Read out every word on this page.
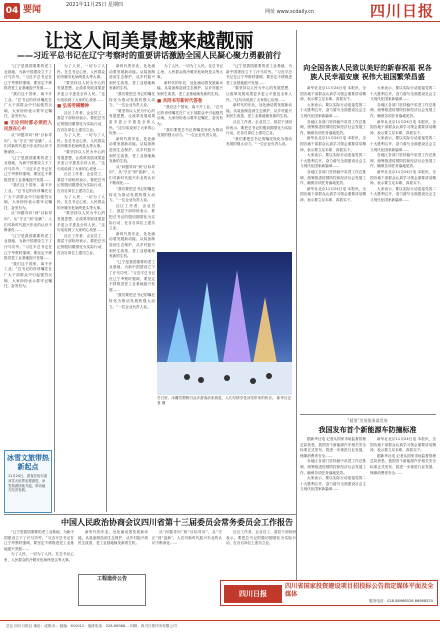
04 要闻	2021年11月25日 星期四
网址 www.scdaily.cn	四川日报
让这人间美景越来越靓丽
——习近平总书记在辽宁考察时的重要讲话激励全国人民凝心聚力勇毅前行

“辽宁是我国重要的老工业基地，为新中国建设立下了汗马功劳。”习近平总书记在辽宁考察时强调，要坚定不移推进老工业基地振兴发展……

“我们这个国家，离不开工业。”总书记的谆谆嘱托在广大干部群众中引起强烈反响，大家纷纷表示要牢记嘱托、奋发有为。

■ 无论何时都必须把人民放在心中

从“问题导向”到“目标导向”，从“守正”到“创新”，人们对新时代振兴东北的认识不断深化……

“辽宁是我国重要的老工业基地，为新中国建设立下了汗马功劳。”习近平总书记在辽宁考察时强调，要坚定不移推进老工业基地振兴发展……

“我们这个国家，离不开工业。”总书记的谆谆嘱托在广大干部群众中引起强烈反响，大家纷纷表示要牢记嘱托、奋发有为。

从“问题导向”到“目标导向”，从“守正”到“创新”，人们对新时代振兴东北的认识不断深化……

“辽宁是我国重要的老工业基地，为新中国建设立下了汗马功劳。”习近平总书记在辽宁考察时强调，要坚定不移推进老工业基地振兴发展……

“我们这个国家，离不开工业。”总书记的谆谆嘱托在广大干部群众中引起强烈反响，大家纷纷表示要牢记嘱托、奋发有为。

为了人民，一切为了人民。在总书记心里，人民群众的冷暖安危始终是头等大事。

“要坚持以人民为中心的发展思想，让改革发展成果更多更公平惠及全体人民。”这句话说到了大家的心坎里……

■ 弘扬劳模精神

社区工作者、企业员工、基层干部纷纷表示，要把总书记的殷切期望化为实际行动，在各自岗位上建功立业。

为了人民，一切为了人民。在总书记心里，人民群众的冷暖安危始终是头等大事。

“要坚持以人民为中心的发展思想，让改革发展成果更多更公平惠及全体人民。”这句话说到了大家的心坎里……

社区工作者、企业员工、基层干部纷纷表示，要把总书记的殷切期望化为实际行动，在各自岗位上建功立业。

为了人民，一切为了人民。在总书记心里，人民群众的冷暖安危始终是头等大事。

“要坚持以人民为中心的发展思想，让改革发展成果更多更公平惠及全体人民。”这句话说到了大家的心坎里……

社区工作者、企业员工、基层干部纷纷表示，要把总书记的殷切期望化为实际行动，在各自岗位上建功立业。

新时代的东北，处处涌动着发展新动能。从装备制造到生态保护，从乡村振兴到民生改善，老工业基地焕发新的生机。

“我们要把总书记的嘱托转化为推动发展的强大动力。”一位企业负责人说。

“要坚持以人民为中心的发展思想，让改革发展成果更多更公平惠及全体人民。”这句话说到了大家的心坎里……

新时代的东北，处处涌动着发展新动能。从装备制造到生态保护，从乡村振兴到民生改善，老工业基地焕发新的生机。

从“问题导向”到“目标导向”，从“守正”到“创新”，人们对新时代振兴东北的认识不断深化……

“我们要把总书记的嘱托转化为推动发展的强大动力。”一位企业负责人说。

社区工作者、企业员工、基层干部纷纷表示，要把总书记的殷切期望化为实际行动，在各自岗位上建功立业。

新时代的东北，处处涌动着发展新动能。从装备制造到生态保护，从乡村振兴到民生改善，老工业基地焕发新的生机。

“辽宁是我国重要的老工业基地，为新中国建设立下了汗马功劳。”习近平总书记在辽宁考察时强调，要坚定不移推进老工业基地振兴发展……

“我们要把总书记的嘱托转化为推动发展的强大动力。”一位企业负责人说。

为了人民，一切为了人民。在总书记心里，人民群众的冷暖安危始终是头等大事。

新时代的东北，处处涌动着发展新动能。从装备制造到生态保护，从乡村振兴到民生改善，老工业基地焕发新的生机。

■ 共同书写新时代答卷

“我们这个国家，离不开工业。”总书记的谆谆嘱托在广大干部群众中引起强烈反响，大家纷纷表示要牢记嘱托、奋发有为。

“我们要把总书记的嘱托转化为推动发展的强大动力。”一位企业负责人说。

“辽宁是我国重要的老工业基地，为新中国建设立下了汗马功劳。”习近平总书记在辽宁考察时强调，要坚定不移推进老工业基地振兴发展……

“要坚持以人民为中心的发展思想，让改革发展成果更多更公平惠及全体人民。”这句话说到了大家的心坎里……

新时代的东北，处处涌动着发展新动能。从装备制造到生态保护，从乡村振兴到民生改善，老工业基地焕发新的生机。

社区工作者、企业员工、基层干部纷纷表示，要把总书记的殷切期望化为实际行动，在各自岗位上建功立业。

“我们要把总书记的嘱托转化为推动发展的强大动力。”一位企业负责人说。

冬日里，冰雕雪塑吸引众多游客前来游览，人们尽情享受冰雪带来的快乐。 新华社记者 摄
向全国各族人民致以美好的新春祝福 祝各族人民幸福安康 祝伟大祖国繁荣昌盛

新华社北京11月24日电 本报讯，全国各地干部群众认真学习领会重要讲话精神，表示要立足本职、真抓实干。

大家表示，要以实际行动迎接党的二十大胜利召开，奋力谱写全面建设社会主义现代化国家新篇章……

各地区各部门坚持稳中求进工作总基调，统筹推进疫情防控和经济社会发展工作，确保各项任务落地见效。

新华社北京11月24日电 本报讯，全国各地干部群众认真学习领会重要讲话精神，表示要立足本职、真抓实干。

大家表示，要以实际行动迎接党的二十大胜利召开，奋力谱写全面建设社会主义现代化国家新篇章……

各地区各部门坚持稳中求进工作总基调，统筹推进疫情防控和经济社会发展工作，确保各项任务落地见效。

新华社北京11月24日电 本报讯，全国各地干部群众认真学习领会重要讲话精神，表示要立足本职、真抓实干。

大家表示，要以实际行动迎接党的二十大胜利召开，奋力谱写全面建设社会主义现代化国家新篇章……

各地区各部门坚持稳中求进工作总基调，统筹推进疫情防控和经济社会发展工作，确保各项任务落地见效。

新华社北京11月24日电 本报讯，全国各地干部群众认真学习领会重要讲话精神，表示要立足本职、真抓实干。

大家表示，要以实际行动迎接党的二十大胜利召开，奋力谱写全面建设社会主义现代化国家新篇章……

各地区各部门坚持稳中求进工作总基调，统筹推进疫情防控和经济社会发展工作，确保各项任务落地见效。

新华社北京11月24日电 本报讯，全国各地干部群众认真学习领会重要讲话精神，表示要立足本职、真抓实干。

大家表示，要以实际行动迎接党的二十大胜利召开，奋力谱写全面建设社会主义现代化国家新篇章……

“精准”发展服务谋发展
我国发布首个新能源车防撞标准

据新华社电 记者从国家市场监督管理总局获悉，我国首个新能源汽车相关安全标准正式发布，将进一步规范行业发展，保障消费者安全……

各地区各部门坚持稳中求进工作总基调，统筹推进疫情防控和经济社会发展工作，确保各项任务落地见效。

大家表示，要以实际行动迎接党的二十大胜利召开，奋力谱写全面建设社会主义现代化国家新篇章……

新华社北京11月24日电 本报讯，全国各地干部群众认真学习领会重要讲话精神，表示要立足本职、真抓实干。

据新华社电 记者从国家市场监督管理总局获悉，我国首个新能源汽车相关安全标准正式发布，将进一步规范行业发展，保障消费者安全……

冰雪文旅带热新起点
11月24日，游客在哈尔滨冰雪大世界参观游览，冰雪旅游持续升温，带动地方经济发展。
中国人民政治协商会议四川省第十三届委员会常务委员会工作报告

“辽宁是我国重要的老工业基地，为新中国建设立下了汗马功劳。”习近平总书记在辽宁考察时强调，要坚定不移推进老工业基地振兴发展……

为了人民，一切为了人民。在总书记心里，人民群众的冷暖安危始终是头等大事。

新时代的东北，处处涌动着发展新动能。从装备制造到生态保护，从乡村振兴到民生改善，老工业基地焕发新的生机。

从“问题导向”到“目标导向”，从“守正”到“创新”，人们对新时代振兴东北的认识不断深化……

社区工作者、企业员工、基层干部纷纷表示，要把总书记的殷切期望化为实际行动，在各自岗位上建功立业。

工程造价公告
四川日报
四川省国家投资建设项目招投标公告指定媒体平面及全媒体
服务电话：028-86968526 86968525
总社 四川日报社 地址：成都市… 邮编：610012 · 值班电话：028-86968… 印刷：四川日报印务有限公司
